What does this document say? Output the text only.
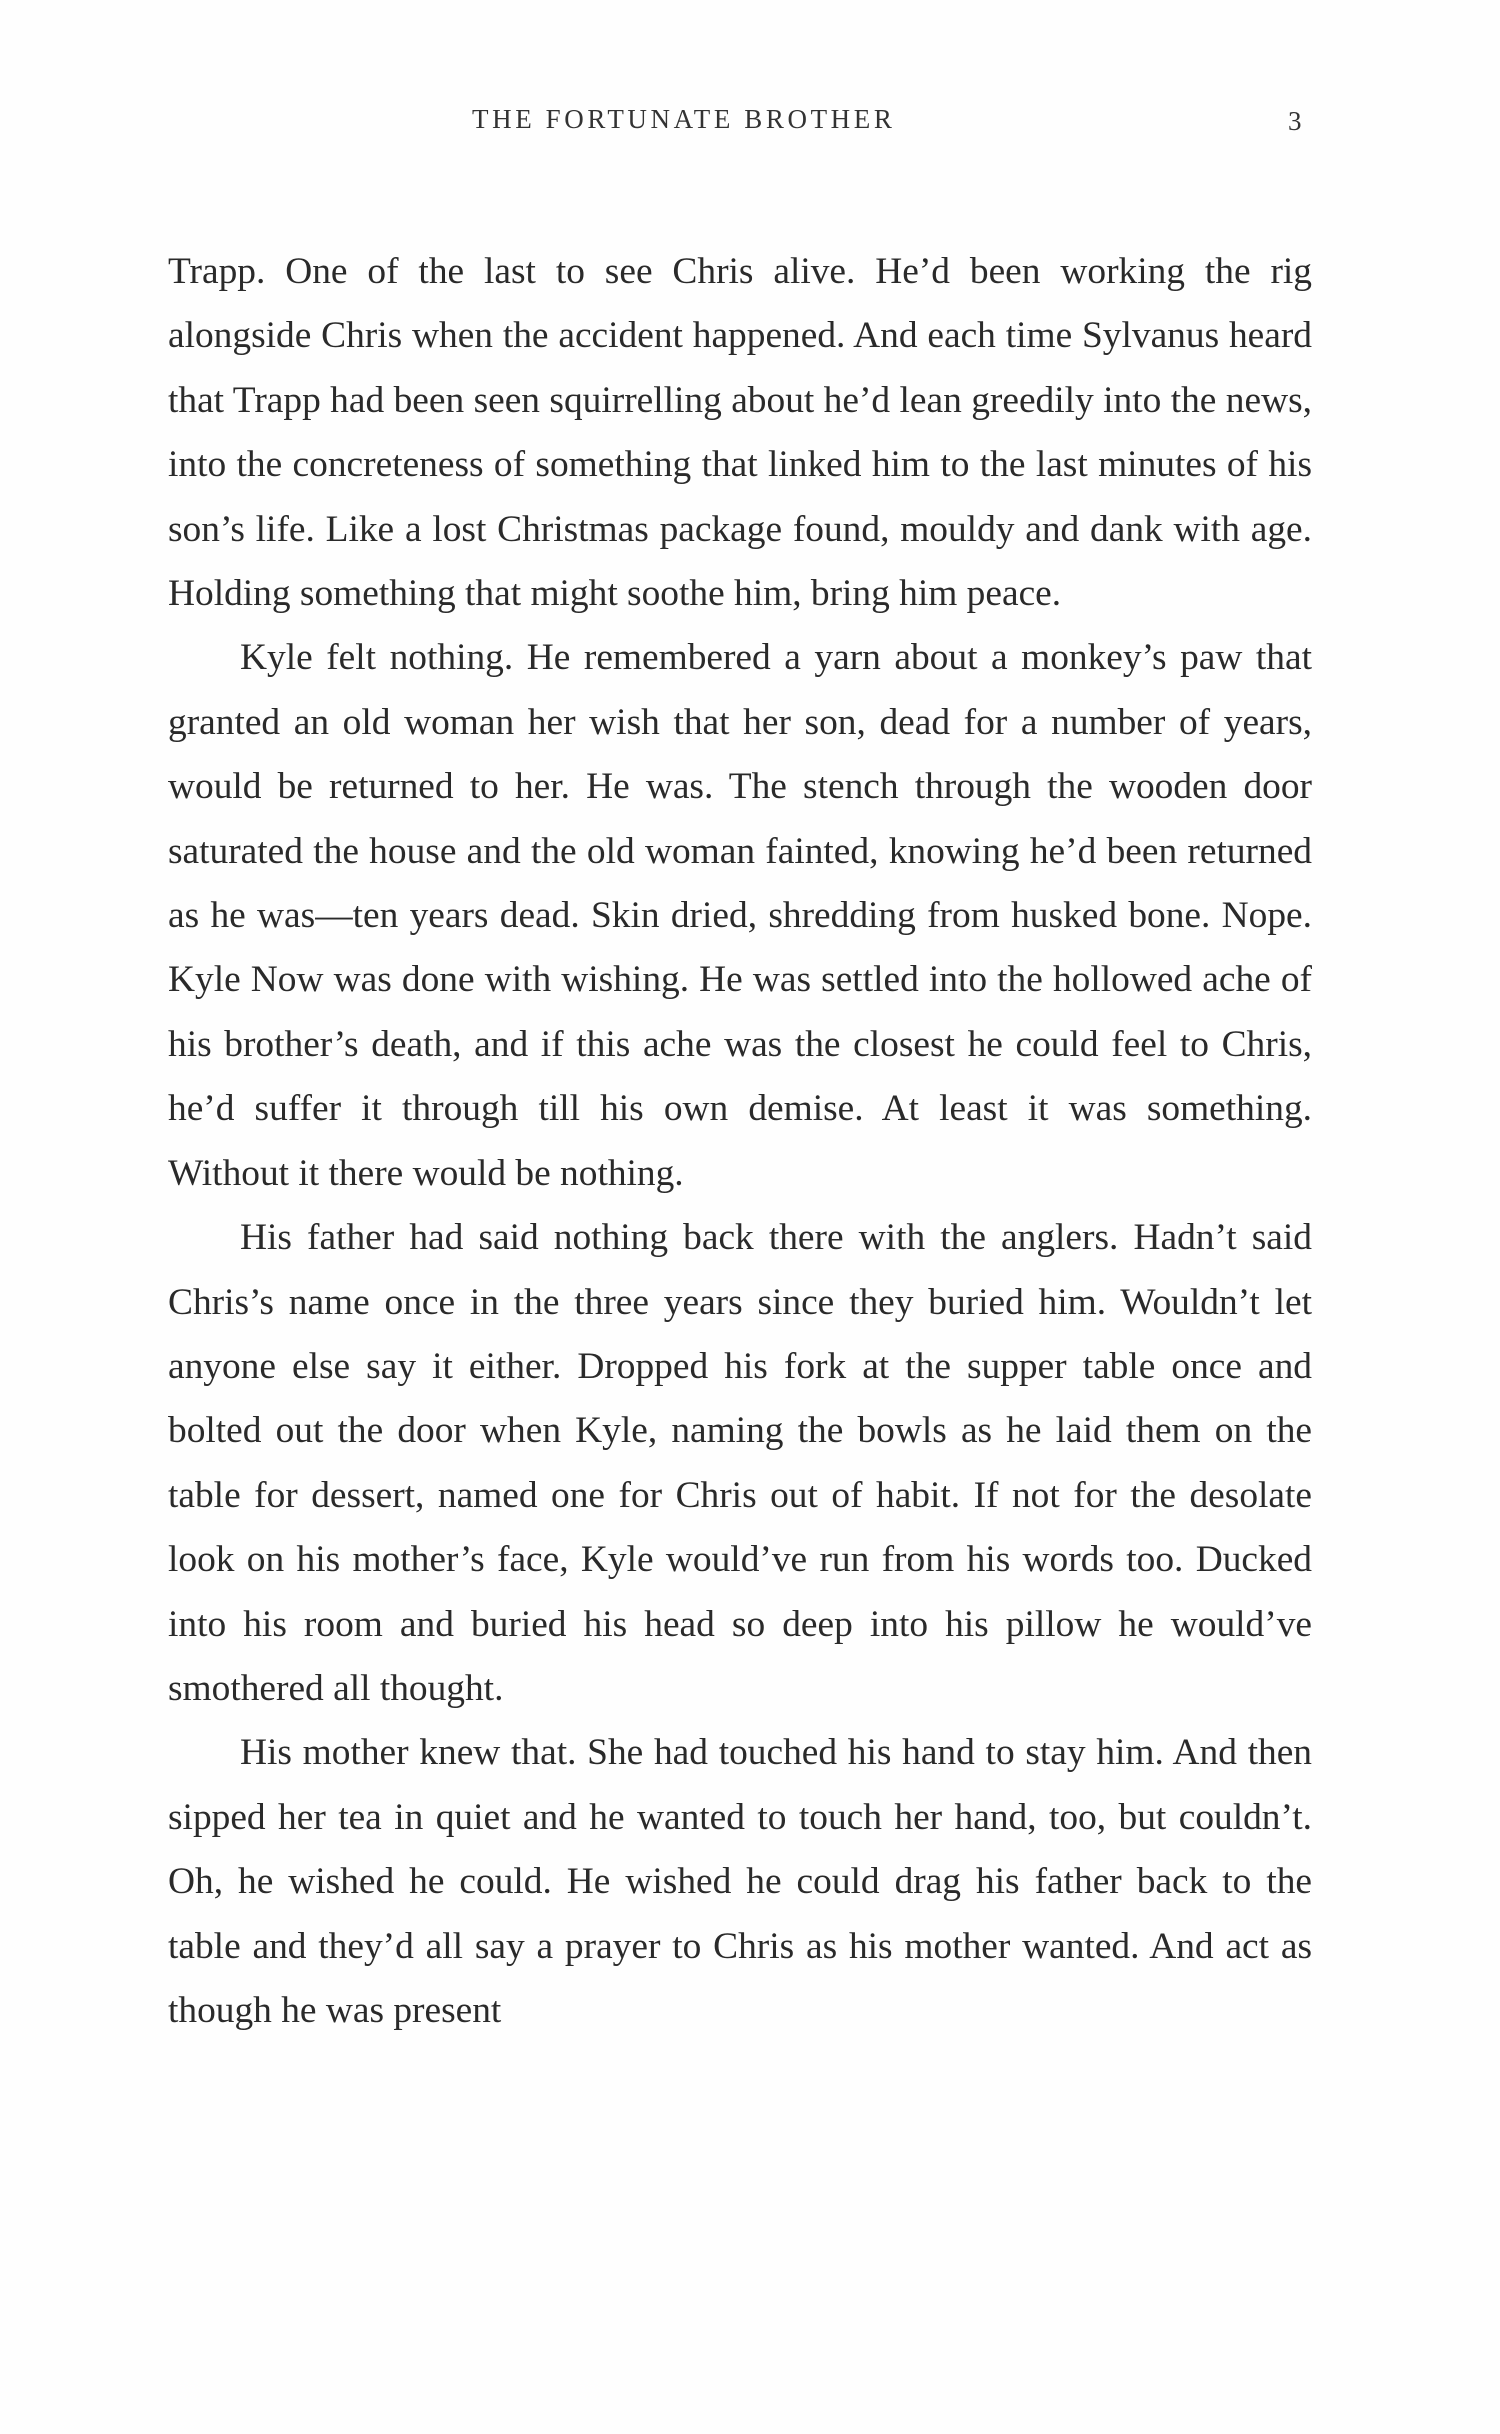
THE FORTUNATE BROTHER	3

Trapp. One of the last to see Chris alive. He’d been working the rig alongside Chris when the accident happened. And each time Sylvanus heard that Trapp had been seen squirrelling about he’d lean greedily into the news, into the concreteness of something that linked him to the last minutes of his son’s life. Like a lost Christmas package found, mouldy and dank with age. Holding something that might soothe him, bring him peace.

Kyle felt nothing. He remembered a yarn about a monkey’s paw that granted an old woman her wish that her son, dead for a number of years, would be returned to her. He was. The stench through the wooden door saturated the house and the old woman fainted, knowing he’d been returned as he was—ten years dead. Skin dried, shredding from husked bone. Nope. Kyle Now was done with wishing. He was settled into the hollowed ache of his brother’s death, and if this ache was the closest he could feel to Chris, he’d suffer it through till his own demise. At least it was something. Without it there would be nothing.

His father had said nothing back there with the anglers. Hadn’t said Chris’s name once in the three years since they buried him. Wouldn’t let anyone else say it either. Dropped his fork at the supper table once and bolted out the door when Kyle, naming the bowls as he laid them on the table for dessert, named one for Chris out of habit. If not for the desolate look on his mother’s face, Kyle would’ve run from his words too. Ducked into his room and buried his head so deep into his pillow he would’ve smothered all thought.

His mother knew that. She had touched his hand to stay him. And then sipped her tea in quiet and he wanted to touch her hand, too, but couldn’t. Oh, he wished he could. He wished he could drag his father back to the table and they’d all say a prayer to Chris as his mother wanted. And act as though he was present
